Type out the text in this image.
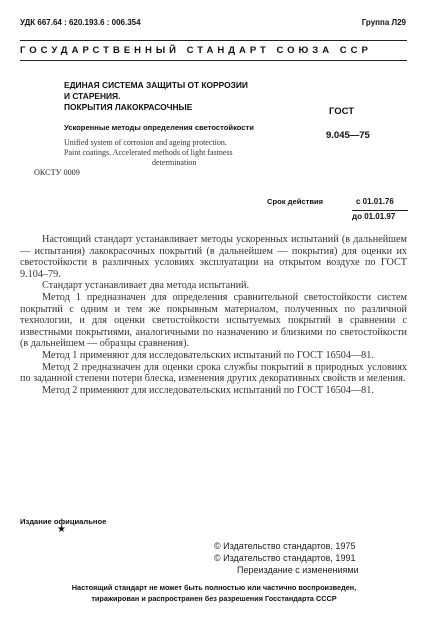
УДК 667.64 : 620.193.6 : 006.354	Группа Л29
ГОСУДАРСТВЕННЫЙ СТАНДАРТ СОЮЗА ССР
ЕДИНАЯ СИСТЕМА ЗАЩИТЫ ОТ КОРРОЗИИ
И СТАРЕНИЯ.
ПОКРЫТИЯ ЛАКОКРАСОЧНЫЕ
Ускоренные методы определения светостойкости
Unified system of corrosion and ageing protection.
Paint coatings. Accelerated methods of light fastness
determination
ОКСТУ 0009
ГОСТ
9.045—75
Срок действия	с 01.01.76
до 01.01.97

Настоящий стандарт устанавливает методы ускоренных испытаний (в дальнейшем — испытания) лакокрасочных покрытий (в дальнейшем — покрытия) для оценки их светостойкости в различных условиях эксплуатации на открытом воздухе по ГОСТ 9.104–79.

Стандарт устанавливает два метода испытаний.

Метод 1 предназначен для определения сравнительной светостойкости систем покрытий с одним и тем же покрывным материалом, полученных по различной технологии, и для оценки светостойкости испытуемых покрытий в сравнении с известными покрытиями, аналогичными по назначению и близкими по светостойкости (в дальнейшем — образцы сравнения).

Метод 1 применяют для исследовательских испытаний по ГОСТ 16504—81.

Метод 2 предназначен для оценки срока службы покрытий в природных условиях по заданной степени потери блеска, изменения других декоративных свойств и меления.

Метод 2 применяют для исследовательских испытаний по ГОСТ 16504—81.

Издание официальное
★
© Издательство стандартов, 1975
© Издательство стандартов, 1991
Переиздание с изменениями
Настоящий стандарт не может быть полностью или частично воспроизведен,
тиражирован и распространен без разрешения Госстандарта СССР
